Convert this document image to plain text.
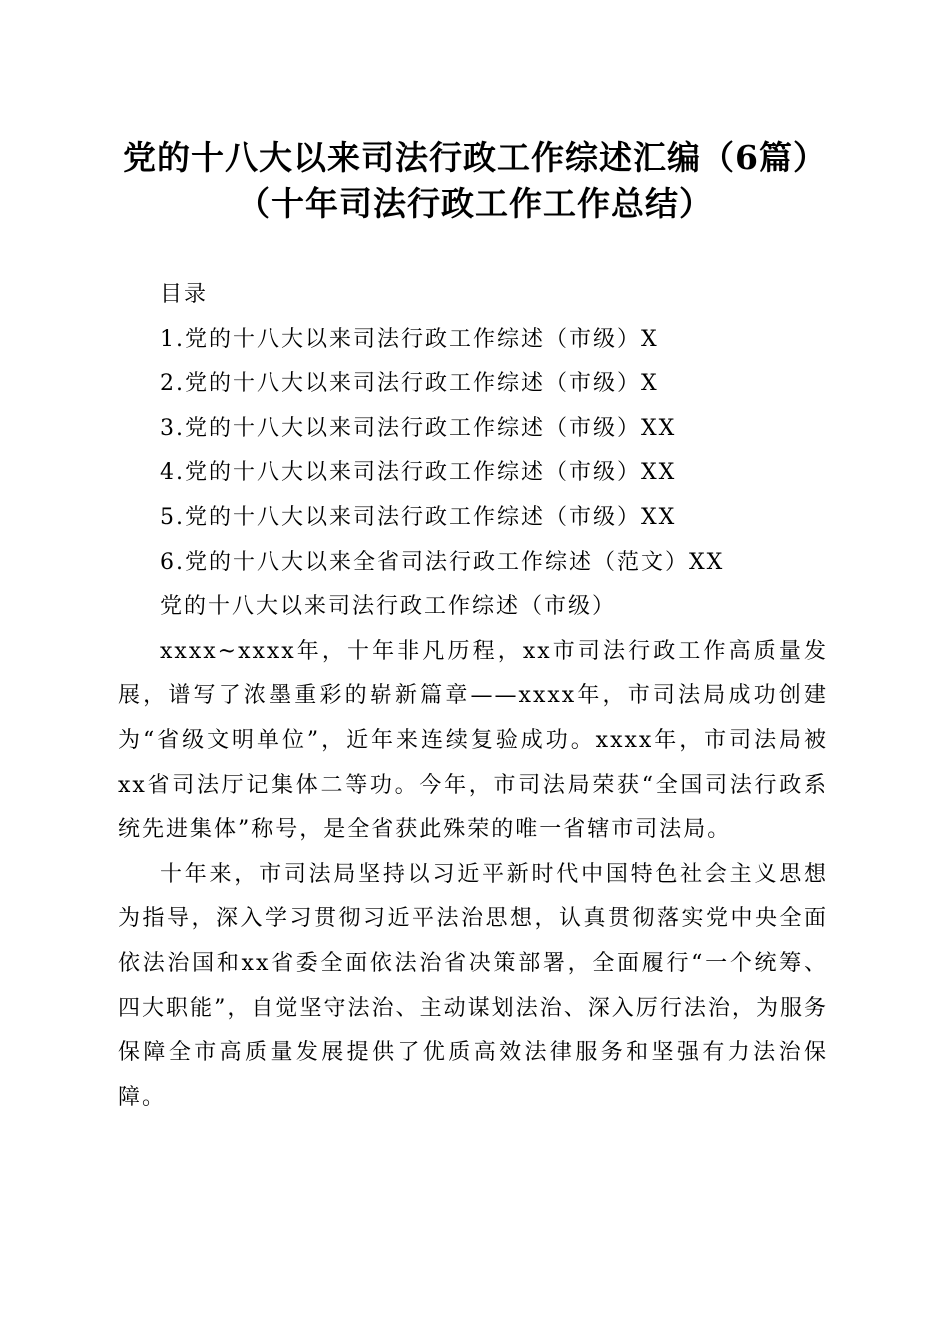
党的十八大以来司法行政工作综述汇编（6篇）（十年司法行政工作工作总结）
目录
1.党的十八大以来司法行政工作综述（市级）X
2.党的十八大以来司法行政工作综述（市级）X
3.党的十八大以来司法行政工作综述（市级）XX
4.党的十八大以来司法行政工作综述（市级）XX
5.党的十八大以来司法行政工作综述（市级）XX
6.党的十八大以来全省司法行政工作综述（范文）XX
党的十八大以来司法行政工作综述（市级）

xxxx~xxxx年，十年非凡历程，xx市司法行政工作高质量发展，谱写了浓墨重彩的崭新篇章——xxxx年，市司法局成功创建为“省级文明单位”，近年来连续复验成功。xxxx年，市司法局被xx省司法厅记集体二等功。今年，市司法局荣获“全国司法行政系统先进集体”称号，是全省获此殊荣的唯一省辖市司法局。

十年来，市司法局坚持以习近平新时代中国特色社会主义思想为指导，深入学习贯彻习近平法治思想，认真贯彻落实党中央全面依法治国和xx省委全面依法治省决策部署，全面履行“一个统筹、四大职能”，自觉坚守法治、主动谋划法治、深入厉行法治，为服务保障全市高质量发展提供了优质高效法律服务和坚强有力法治保障。
